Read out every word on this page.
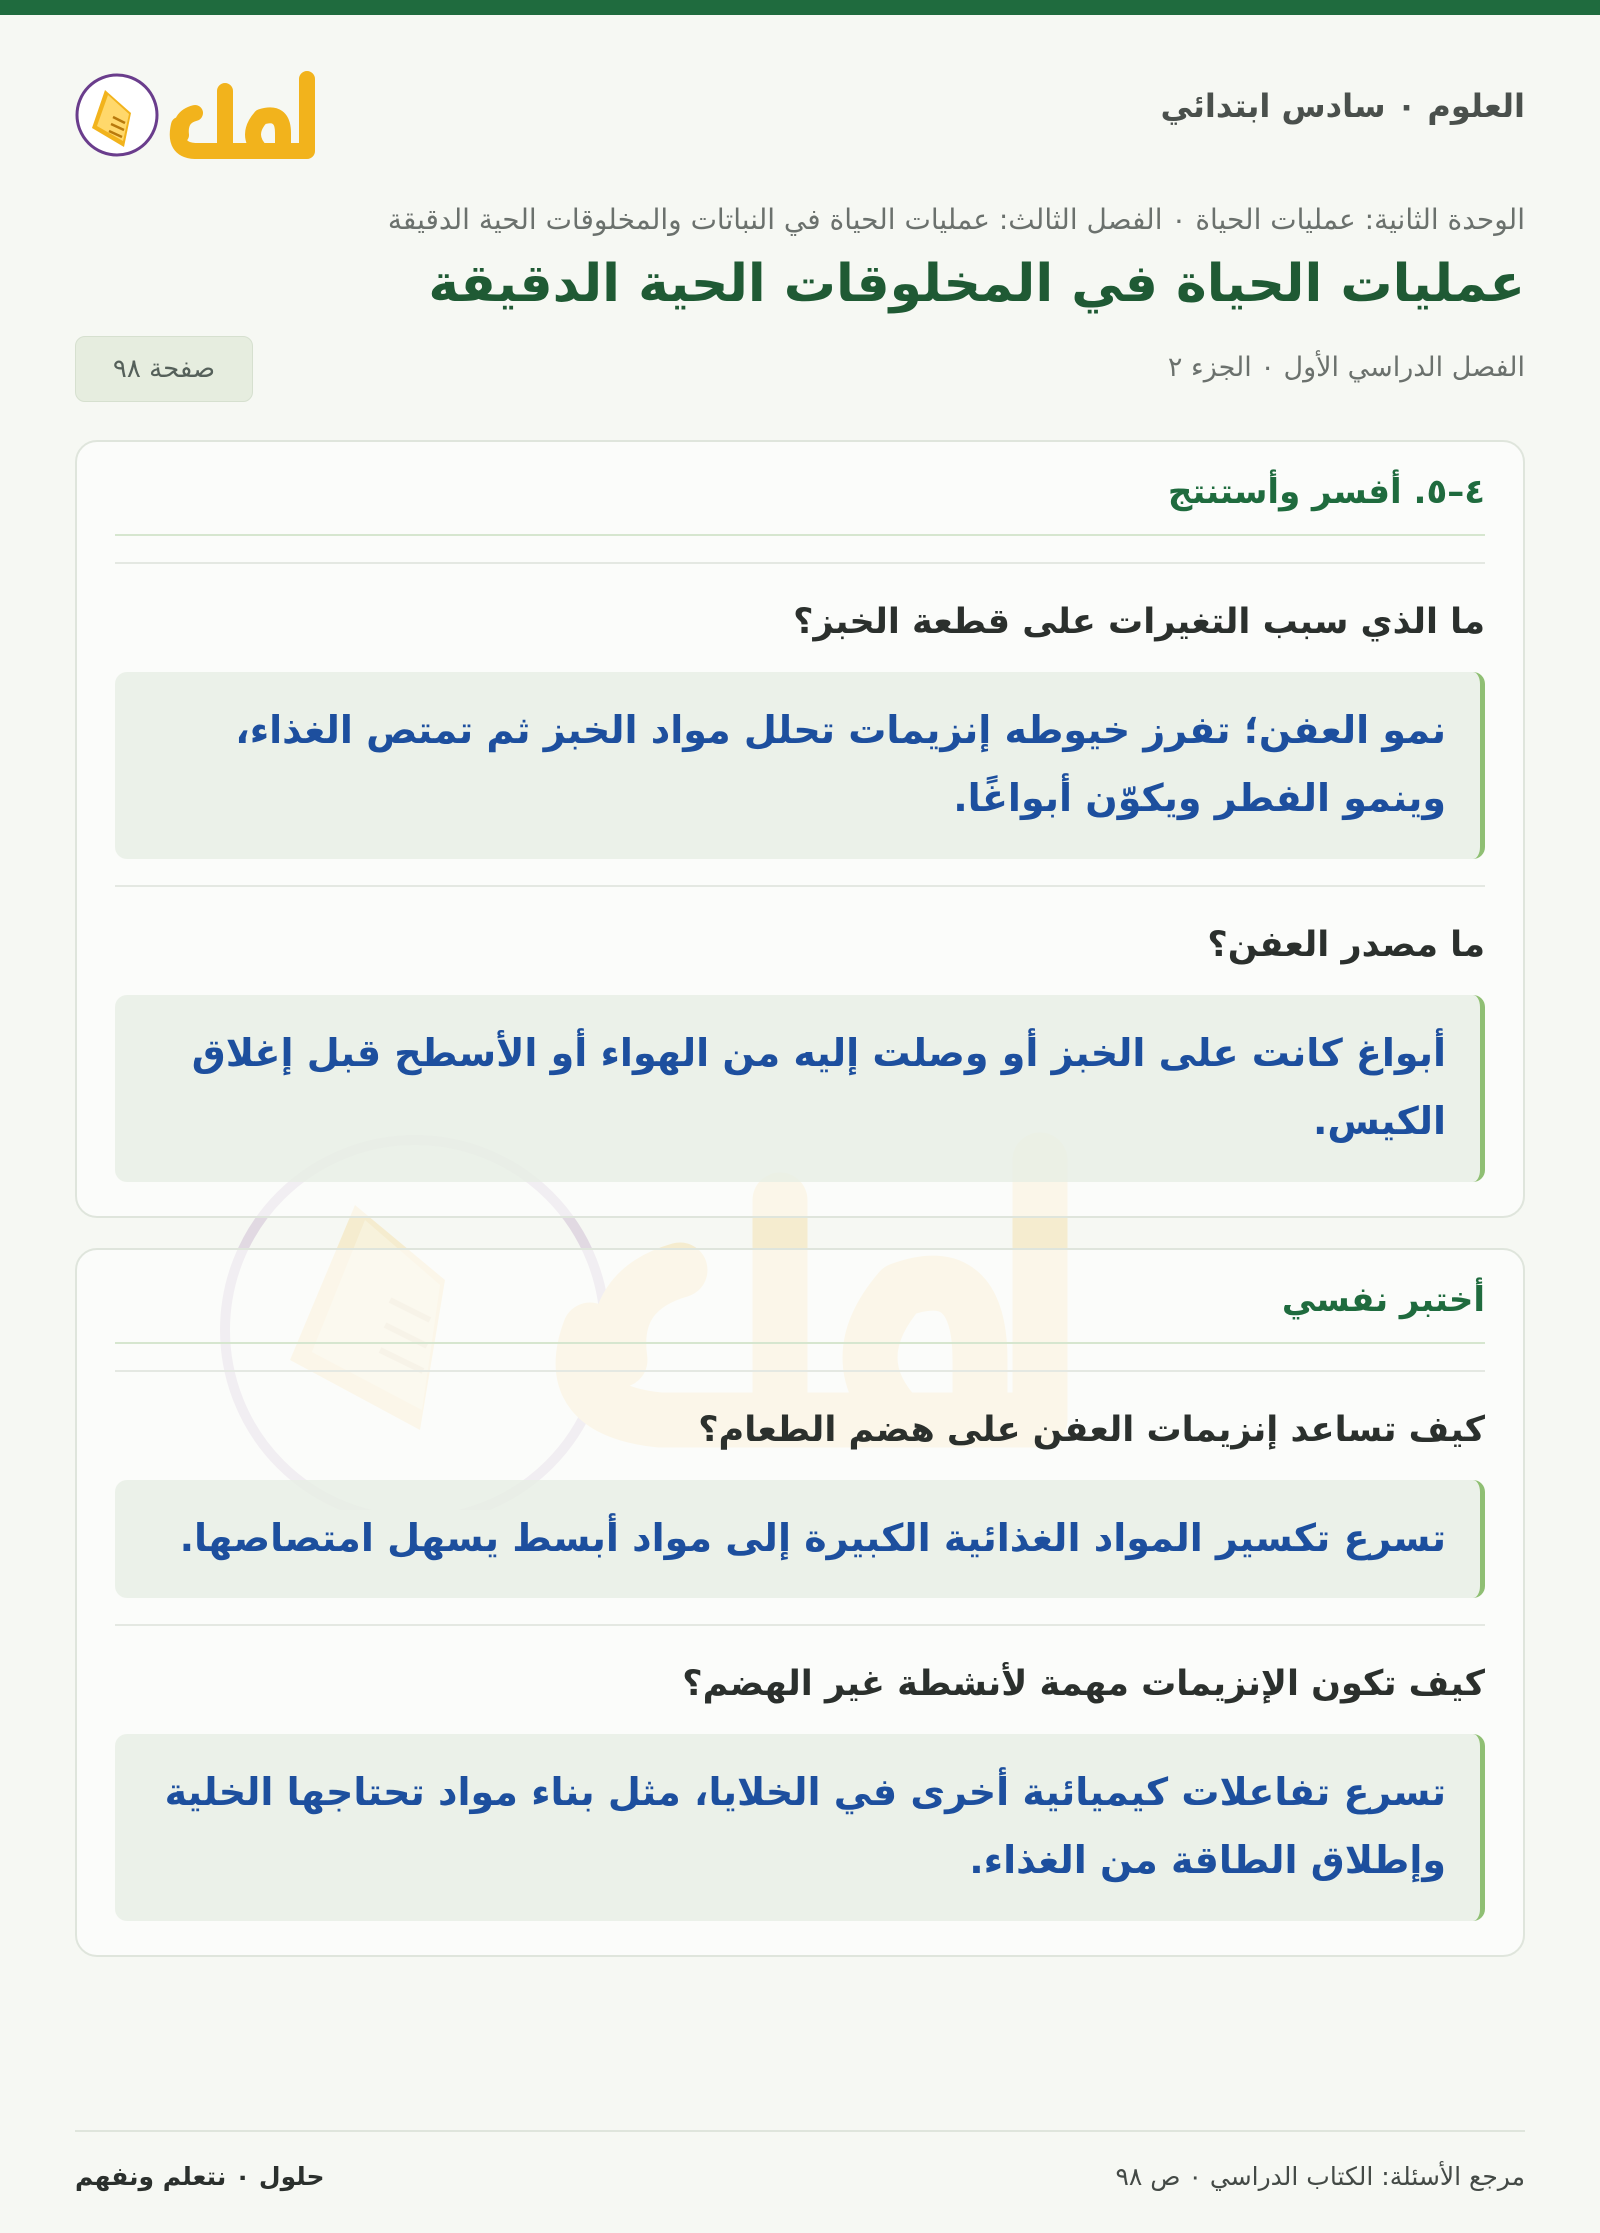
العلوم ٠ سادس ابتدائي
الوحدة الثانية: عمليات الحياة ٠ الفصل الثالث: عمليات الحياة في النباتات والمخلوقات الحية الدقيقة
عمليات الحياة في المخلوقات الحية الدقيقة
الفصل الدراسي الأول ٠ الجزء ٢
صفحة ٩٨
٤–٥. أفسر وأستنتج
ما الذي سبب التغيرات على قطعة الخبز؟
نمو العفن؛ تفرز خيوطه إنزيمات تحلل مواد الخبز ثم تمتص الغذاء، وينمو الفطر ويكوّن أبواغًا.
ما مصدر العفن؟
أبواغ كانت على الخبز أو وصلت إليه من الهواء أو الأسطح قبل إغلاق الكيس.
أختبر نفسي
كيف تساعد إنزيمات العفن على هضم الطعام؟
تسرع تكسير المواد الغذائية الكبيرة إلى مواد أبسط يسهل امتصاصها.
كيف تكون الإنزيمات مهمة لأنشطة غير الهضم؟
تسرع تفاعلات كيميائية أخرى في الخلايا، مثل بناء مواد تحتاجها الخلية وإطلاق الطاقة من الغذاء.
مرجع الأسئلة: الكتاب الدراسي ٠ ص ٩٨
حلول ٠ نتعلم ونفهم
